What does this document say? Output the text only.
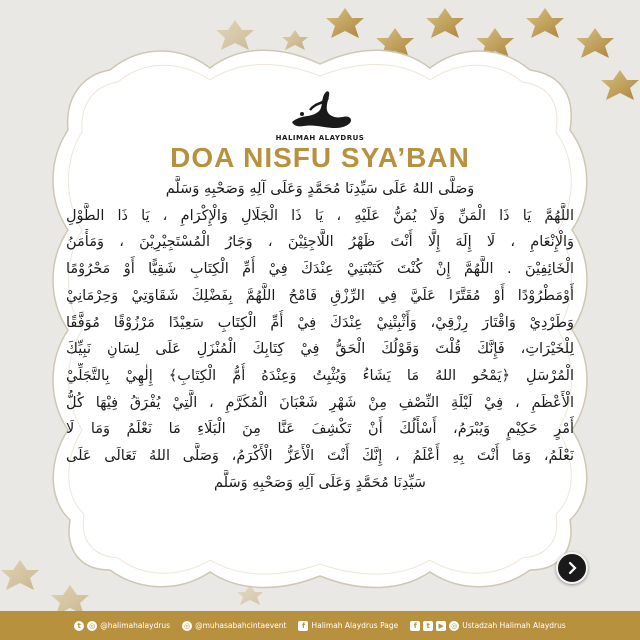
HALIMAH ALAYDRUS
DOA NISFU SYA’BAN
وَصَلَّى اللهُ عَلَى سَيِّدِنَا مُحَمَّدٍ وَعَلَى آلِهِ وَصَحْبِهِ وَسَلَّم
اللَّهُمَّ يَا ذَا الْمَنِّ وَلَا يُمَنُّ عَلَيْهِ ، يَا ذَا الْجَلَالِ وَالْإِكْرَامِ ، يَا ذَا الطَّوْلِ
وَالْإِنْعَامِ ، لَا إِلَهَ إِلَّا أَنْتَ ظَهْرُ اللَّاجِئِيْنَ ، وَجَارُ الْمُسْتَجِيْرِيْنَ ، وَمَأْمَنُ
الْخَائِفِيْنَ . اللَّهُمَّ إِنْ كُنْتَ كَتَبْتَنِيْ عِنْدَكَ فِيْ أُمِّ الْكِتَابِ شَقِيًّا أَوْ مَحْرُوْمًا
أَوْمَطْرُوْدًا أَوْ مُقَتَّرًا عَلَيَّ فِي الرِّزْقِ فَامْحُ اللَّهُمَّ بِفَضْلِكَ شَقَاوَتِيْ وَحِرْمَانِيْ
وَطَرْدِيْ وَاقْتَارَ رِزْقِيْ، وَأَثْبِتْنِيْ عِنْدَكَ فِيْ أُمِّ الْكِتَابِ سَعِيْدًا مَرْزُوْقًا مُوَفَّقًا
لِلْخَيْرَاتِ، فَإِنَّكَ قُلْتَ وَقَوْلُكَ الْحَقُّ فِيْ كِتَابِكَ الْمُنْزَلِ عَلَى لِسَانِ نَبِيِّكَ
الْمُرْسَلِ ﴿يَمْحُو اللهُ مَا يَشَاءُ وَيُثْبِتُ وَعِنْدَهُ أُمُّ الْكِتَابِ﴾ إِلٰهِيْ بِالتَّجَلِّيْ
الْأَعْظَمِ ، فِيْ لَيْلَةِ النِّصْفِ مِنْ شَهْرِ شَعْبَانَ الْمُكَرَّمِ ، الَّتِيْ يُفْرَقُ فِيْهَا كُلُّ
أَمْرٍ حَكِيْمٍ وَيُبْرَمُ، أَسْأَلُكَ أَنْ تَكْشِفَ عَنَّا مِنَ الْبَلَاءِ مَا نَعْلَمُ وَمَا لَا
نَعْلَمُ، وَمَا أَنْتَ بِهِ أَعْلَمُ ، إِنَّكَ أَنْتَ الْأَعَزُّ الْأَكْرَمُ، وَصَلَّى اللهُ تَعَالَى عَلَى
سَيِّدِنَا مُحَمَّدٍ وَعَلَى آلِهِ وَصَحْبِهِ وَسَلَّم
t	◎ @halimahalaydrus ◎ @muhasabahcintaevent	f Halimah Alaydrus Page	f	t	▶	◎ Ustadzah Halimah Alaydrus
